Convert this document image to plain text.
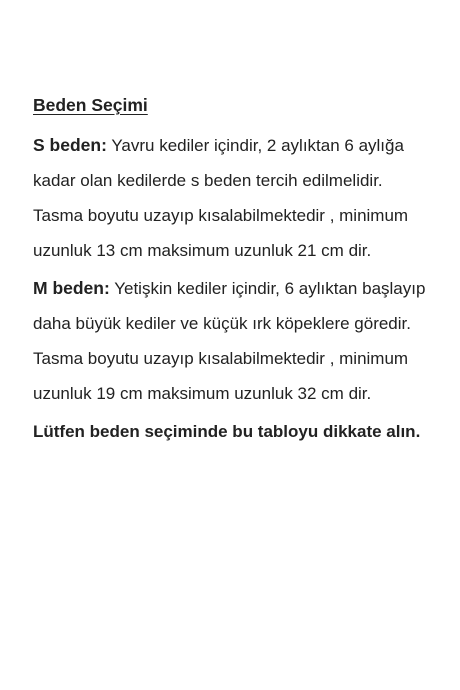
Beden Seçimi

S beden: Yavru kediler içindir, 2 aylıktan 6 aylığa kadar olan kedilerde s beden tercih edilmelidir. Tasma boyutu uzayıp kısalabilmektedir , minimum uzunluk 13 cm maksimum uzunluk 21 cm dir.

M beden: Yetişkin kediler içindir, 6 aylıktan başlayıp daha büyük kediler ve küçük ırk köpeklere göredir. Tasma boyutu uzayıp kısalabilmektedir , minimum uzunluk 19 cm maksimum uzunluk 32 cm dir.

Lütfen beden seçiminde bu tabloyu dikkate alın.
